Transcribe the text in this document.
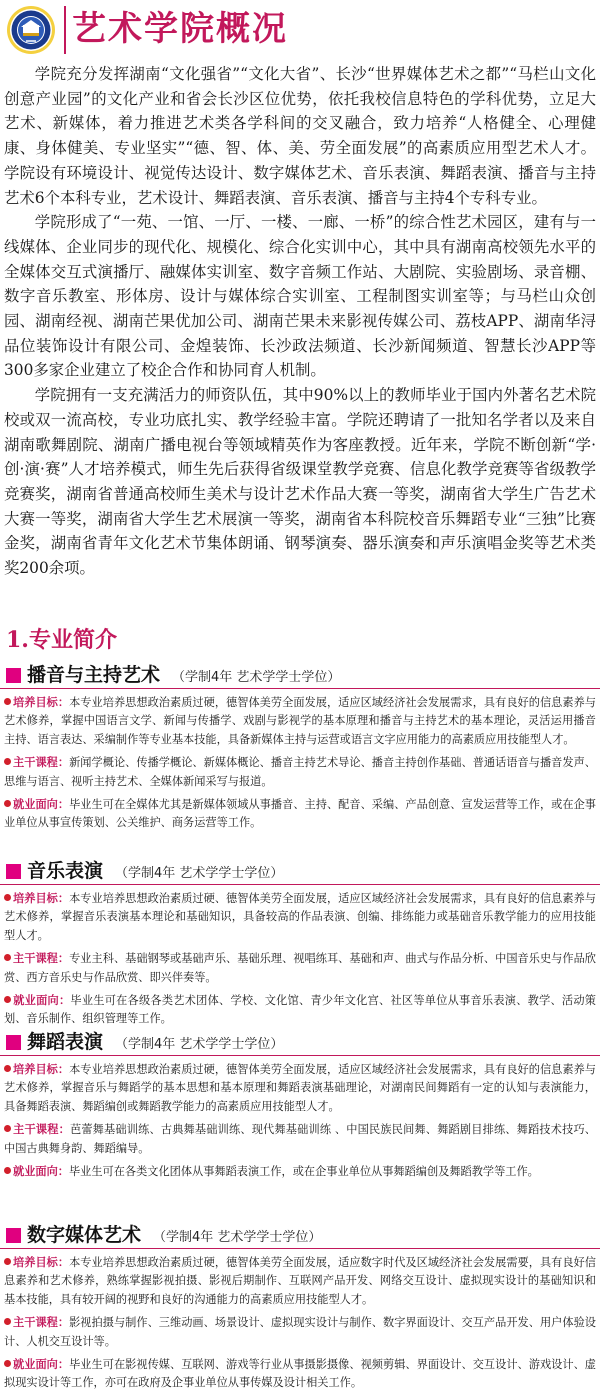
艺术学院概况

学院充分发挥湖南“文化强省”“文化大省”、长沙“世界媒体艺术之都”“马栏山文化创意产业园”的文化产业和省会长沙区位优势，依托我校信息特色的学科优势，立足大艺术、新媒体，着力推进艺术类各学科间的交叉融合，致力培养“人格健全、心理健康、身体健美、专业坚实”“德、智、体、美、劳全面发展”的高素质应用型艺术人才。学院设有环境设计、视觉传达设计、数字媒体艺术、音乐表演、舞蹈表演、播音与主持艺术6个本科专业，艺术设计、舞蹈表演、音乐表演、播音与主持4个专科专业。

学院形成了“一苑、一馆、一厅、一楼、一廊、一桥”的综合性艺术园区，建有与一线媒体、企业同步的现代化、规模化、综合化实训中心，其中具有湖南高校领先水平的全媒体交互式演播厅、融媒体实训室、数字音频工作站、大剧院、实验剧场、录音棚、数字音乐教室、形体房、设计与媒体综合实训室、工程制图实训室等；与马栏山众创园、湖南经视、湖南芒果优加公司、湖南芒果未来影视传媒公司、荔枝APP、湖南华浔品位装饰设计有限公司、金煌装饰、长沙政法频道、长沙新闻频道、智慧长沙APP等300多家企业建立了校企合作和协同育人机制。

学院拥有一支充满活力的师资队伍，其中90%以上的教师毕业于国内外著名艺术院校或双一流高校，专业功底扎实、教学经验丰富。学院还聘请了一批知名学者以及来自湖南歌舞剧院、湖南广播电视台等领域精英作为客座教授。近年来，学院不断创新“学·创·演·赛”人才培养模式，师生先后获得省级课堂教学竞赛、信息化教学竞赛等省级教学竞赛奖，湖南省普通高校师生美术与设计艺术作品大赛一等奖，湖南省大学生广告艺术大赛一等奖，湖南省大学生艺术展演一等奖，湖南省本科院校音乐舞蹈专业“三独”比赛金奖，湖南省青年文化艺术节集体朗诵、钢琴演奏、器乐演奏和声乐演唱金奖等艺术类奖200余项。

1.专业简介
播音与主持艺术 （学制4年 艺术学学士学位）
培养目标：本专业培养思想政治素质过硬，德智体美劳全面发展，适应区域经济社会发展需求，具有良好的信息素养与艺术修养，掌握中国语言文学、新闻与传播学、戏剧与影视学的基本原理和播音与主持艺术的基本理论，灵活运用播音主持、语言表达、采编制作等专业基本技能，具备新媒体主持与运营或语言文字应用能力的高素质应用技能型人才。
主干课程：新闻学概论、传播学概论、新媒体概论、播音主持艺术导论、播音主持创作基础、普通话语音与播音发声、思维与语言、视听主持艺术、全媒体新闻采写与报道。
就业面向：毕业生可在全媒体尤其是新媒体领域从事播音、主持、配音、采编、产品创意、宣发运营等工作，或在企事业单位从事宣传策划、公关维护、商务运营等工作。
音乐表演 （学制4年 艺术学学士学位）
培养目标：本专业培养思想政治素质过硬、德智体美劳全面发展，适应区域经济社会发展需求，具有良好的信息素养与艺术修养，掌握音乐表演基本理论和基础知识，具备较高的作品表演、创编、排练能力或基础音乐教学能力的应用技能型人才。
主干课程：专业主科、基础钢琴或基础声乐、基础乐理、视唱练耳、基础和声、曲式与作品分析、中国音乐史与作品欣赏、西方音乐史与作品欣赏、即兴伴奏等。
就业面向：毕业生可在各级各类艺术团体、学校、文化馆、青少年文化宫、社区等单位从事音乐表演、教学、活动策划、音乐制作、组织管理等工作。
舞蹈表演 （学制4年 艺术学学士学位）
培养目标：本专业培养思想政治素质过硬，德智体美劳全面发展，适应区域经济社会发展需求，具有良好的信息素养与艺术修养，掌握音乐与舞蹈学的基本思想和基本原理和舞蹈表演基础理论，对湖南民间舞蹈有一定的认知与表演能力，具备舞蹈表演、舞蹈编创或舞蹈教学能力的高素质应用技能型人才。
主干课程：芭蕾舞基础训练、古典舞基础训练、现代舞基础训练 、中国民族民间舞、舞蹈剧目排练、舞蹈技术技巧、中国古典舞身韵、舞蹈编导。
就业面向：毕业生可在各类文化团体从事舞蹈表演工作，或在企事业单位从事舞蹈编创及舞蹈教学等工作。
数字媒体艺术 （学制4年 艺术学学士学位）
培养目标：本专业培养思想政治素质过硬，德智体美劳全面发展，适应数字时代及区域经济社会发展需要，具有良好信息素养和艺术修养，熟练掌握影视拍摄、影视后期制作、互联网产品开发、网络交互设计、虚拟现实设计的基础知识和基本技能，具有较开阔的视野和良好的沟通能力的高素质应用技能型人才。
主干课程：影视拍摄与制作、三维动画、场景设计、虚拟现实设计与制作、数字界面设计、交互产品开发、用户体验设计、人机交互设计等。
就业面向：毕业生可在影视传媒、互联网、游戏等行业从事摄影摄像、视频剪辑、界面设计、交互设计、游戏设计、虚拟现实设计等工作，亦可在政府及企事业单位从事传媒及设计相关工作。
